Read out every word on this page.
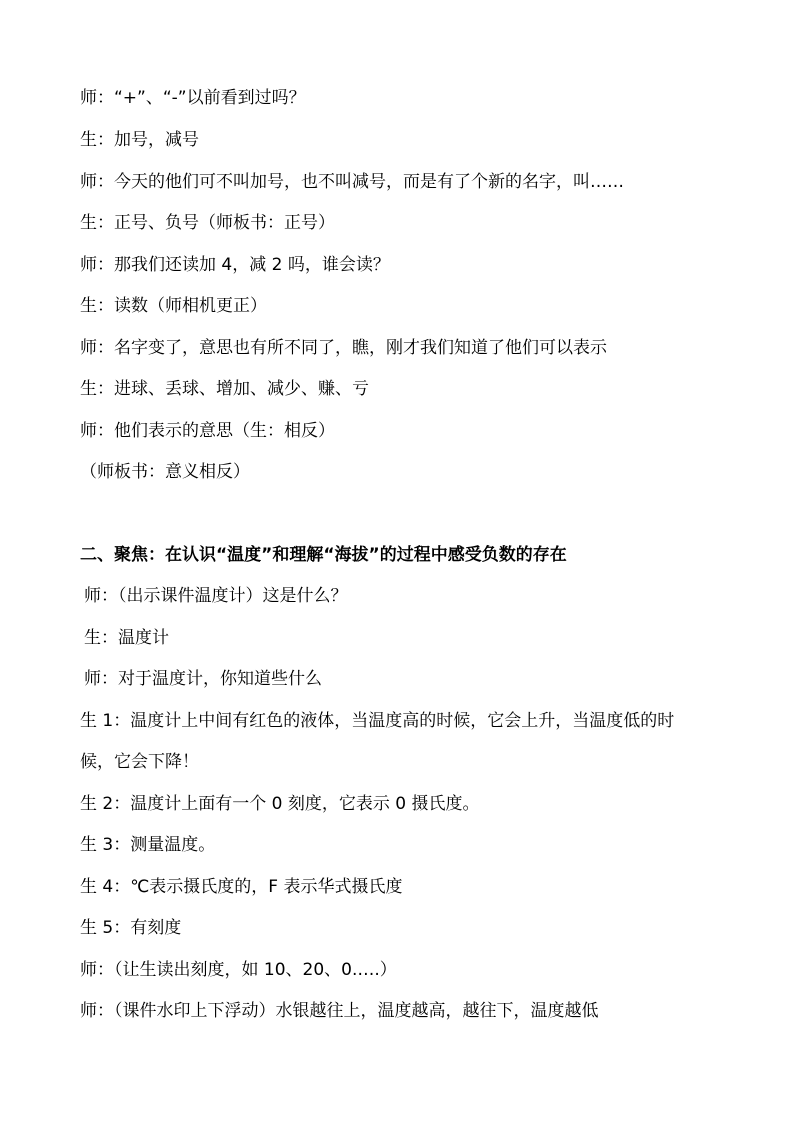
师：“+”、“-”以前看到过吗？
生：加号，减号
师：今天的他们可不叫加号，也不叫减号，而是有了个新的名字，叫……
生：正号、负号（师板书：正号）
师：那我们还读加 4，减 2 吗，谁会读？
生：读数（师相机更正）
师：名字变了，意思也有所不同了，瞧，刚才我们知道了他们可以表示
生：进球、丢球、增加、减少、赚、亏
师：他们表示的意思（生：相反）
（师板书：意义相反）
二、聚焦：在认识“温度”和理解“海拔”的过程中感受负数的存在
师：（出示课件温度计）这是什么？
生：温度计
师：对于温度计，你知道些什么
生 1：温度计上中间有红色的液体，当温度高的时候，它会上升，当温度低的时
候，它会下降！
生 2：温度计上面有一个 0 刻度，它表示 0 摄氏度。
生 3：测量温度。
生 4：℃表示摄氏度的，F 表示华式摄氏度
生 5：有刻度
师：（让生读出刻度，如 10、20、0.….）
师：（课件水印上下浮动）水银越往上，温度越高，越往下，温度越低
